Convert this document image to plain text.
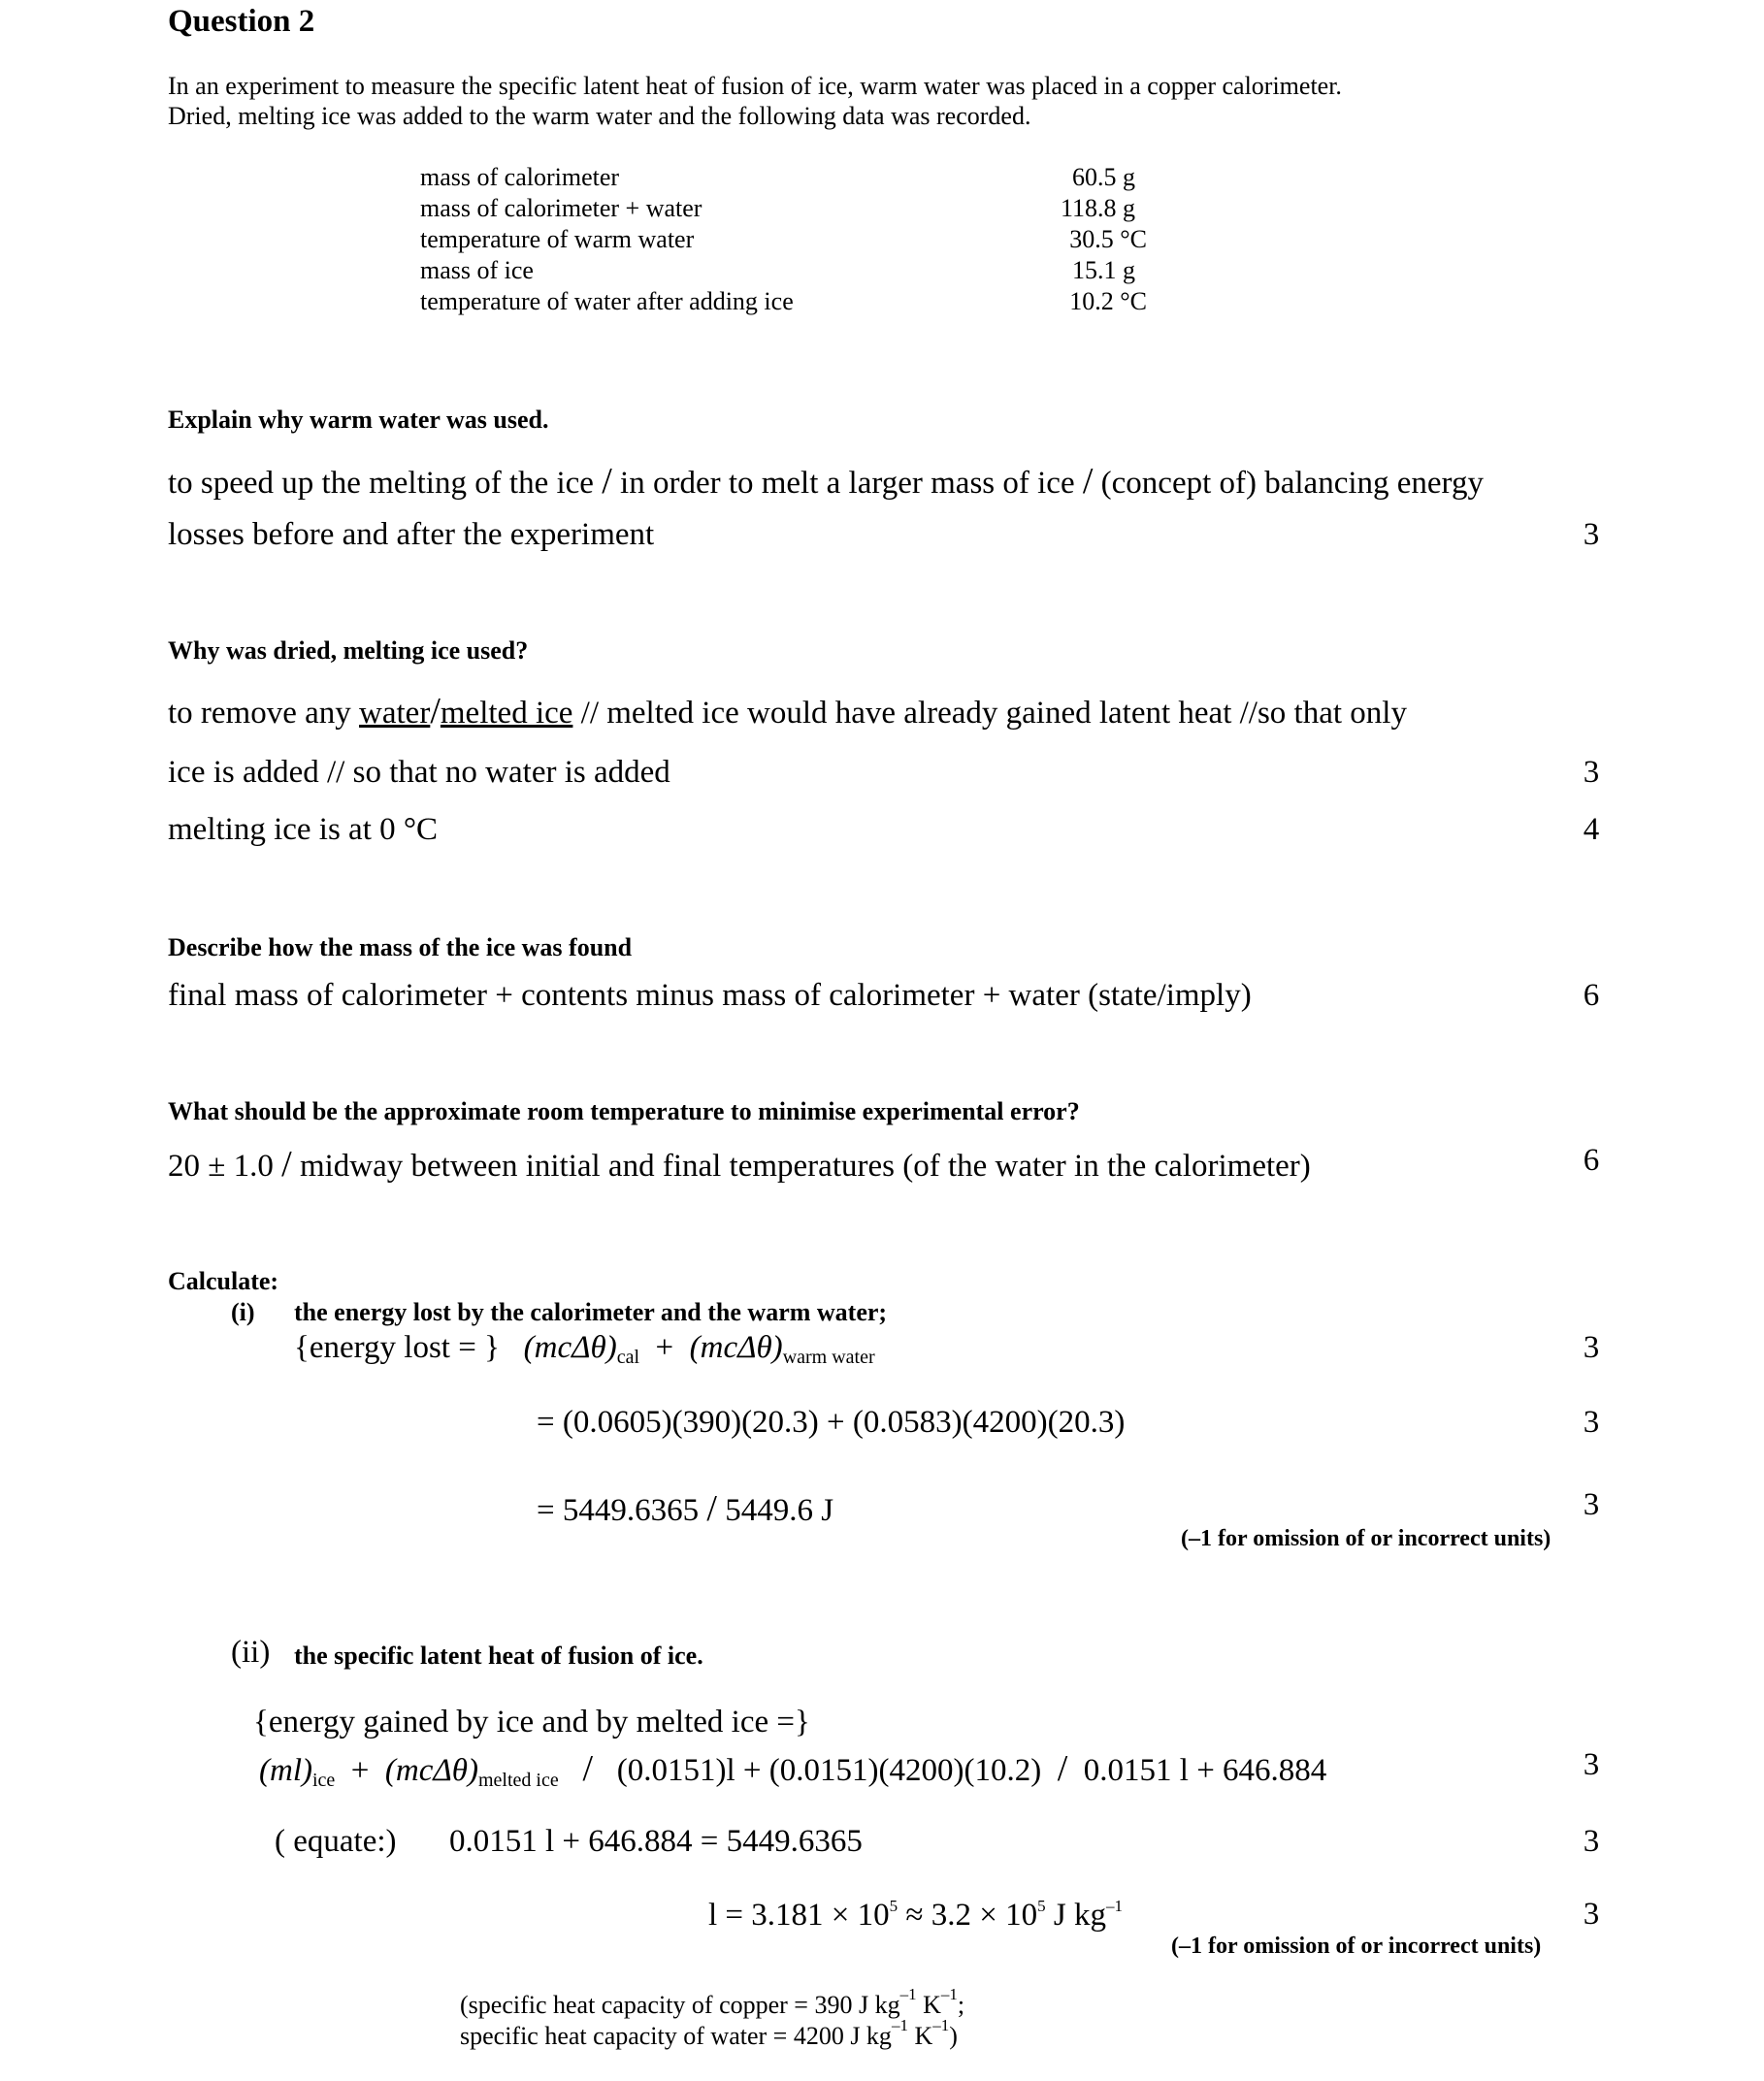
Question 2
In an experiment to measure the specific latent heat of fusion of ice, warm water was placed in a copper calorimeter.
Dried, melting ice was added to the warm water and the following data was recorded.
mass of calorimeter	60.5 g
mass of calorimeter + water	118.8 g
temperature of warm water	30.5 °C
mass of ice	15.1 g
temperature of water after adding ice	10.2 °C
Explain why warm water was used.
to speed up the melting of the ice / in order to melt a larger mass of ice / (concept of) balancing energy
losses before and after the experiment	3
Why was dried, melting ice used?
to remove any water/melted ice // melted ice would have already gained latent heat //so that only
ice is added // so that no water is added	3
melting ice is at 0 °C	4
Describe how the mass of the ice was found
final mass of calorimeter + contents minus mass of calorimeter + water (state/imply)	6
What should be the approximate room temperature to minimise experimental error?
20 ± 1.0 / midway between initial and final temperatures (of the water in the calorimeter)	6
Calculate:
(i) the energy lost by the calorimeter and the warm water;
{energy lost = } $(mc\Delta\theta)_{cal} + (mc\Delta\theta)_{warm water}$	3
= (0.0605)(390)(20.3) + (0.0583)(4200)(20.3)	3
= 5449.6365 / 5449.6 J	3
(–1 for omission of or incorrect units)
(ii) the specific latent heat of fusion of ice.
{energy gained by ice and by melted ice =}
$(ml)_{ice} + (mc\Delta\theta)_{melted ice} / (0.0151)l + (0.0151)(4200)(10.2) / 0.0151$ l + 646.884	3
( equate:) 0.0151 l + 646.884 = 5449.6365	3
$l = 3.181 \times 10^5 \approx 3.2 \times 10^5$ J $kg^{-1}$	3
(–1 for omission of or incorrect units)
(specific heat capacity of copper = 390 J $kg^{-1}$ $K^{-1}$;
specific heat capacity of water = 4200 J $kg^{-1}$ $K^{-1}$)
